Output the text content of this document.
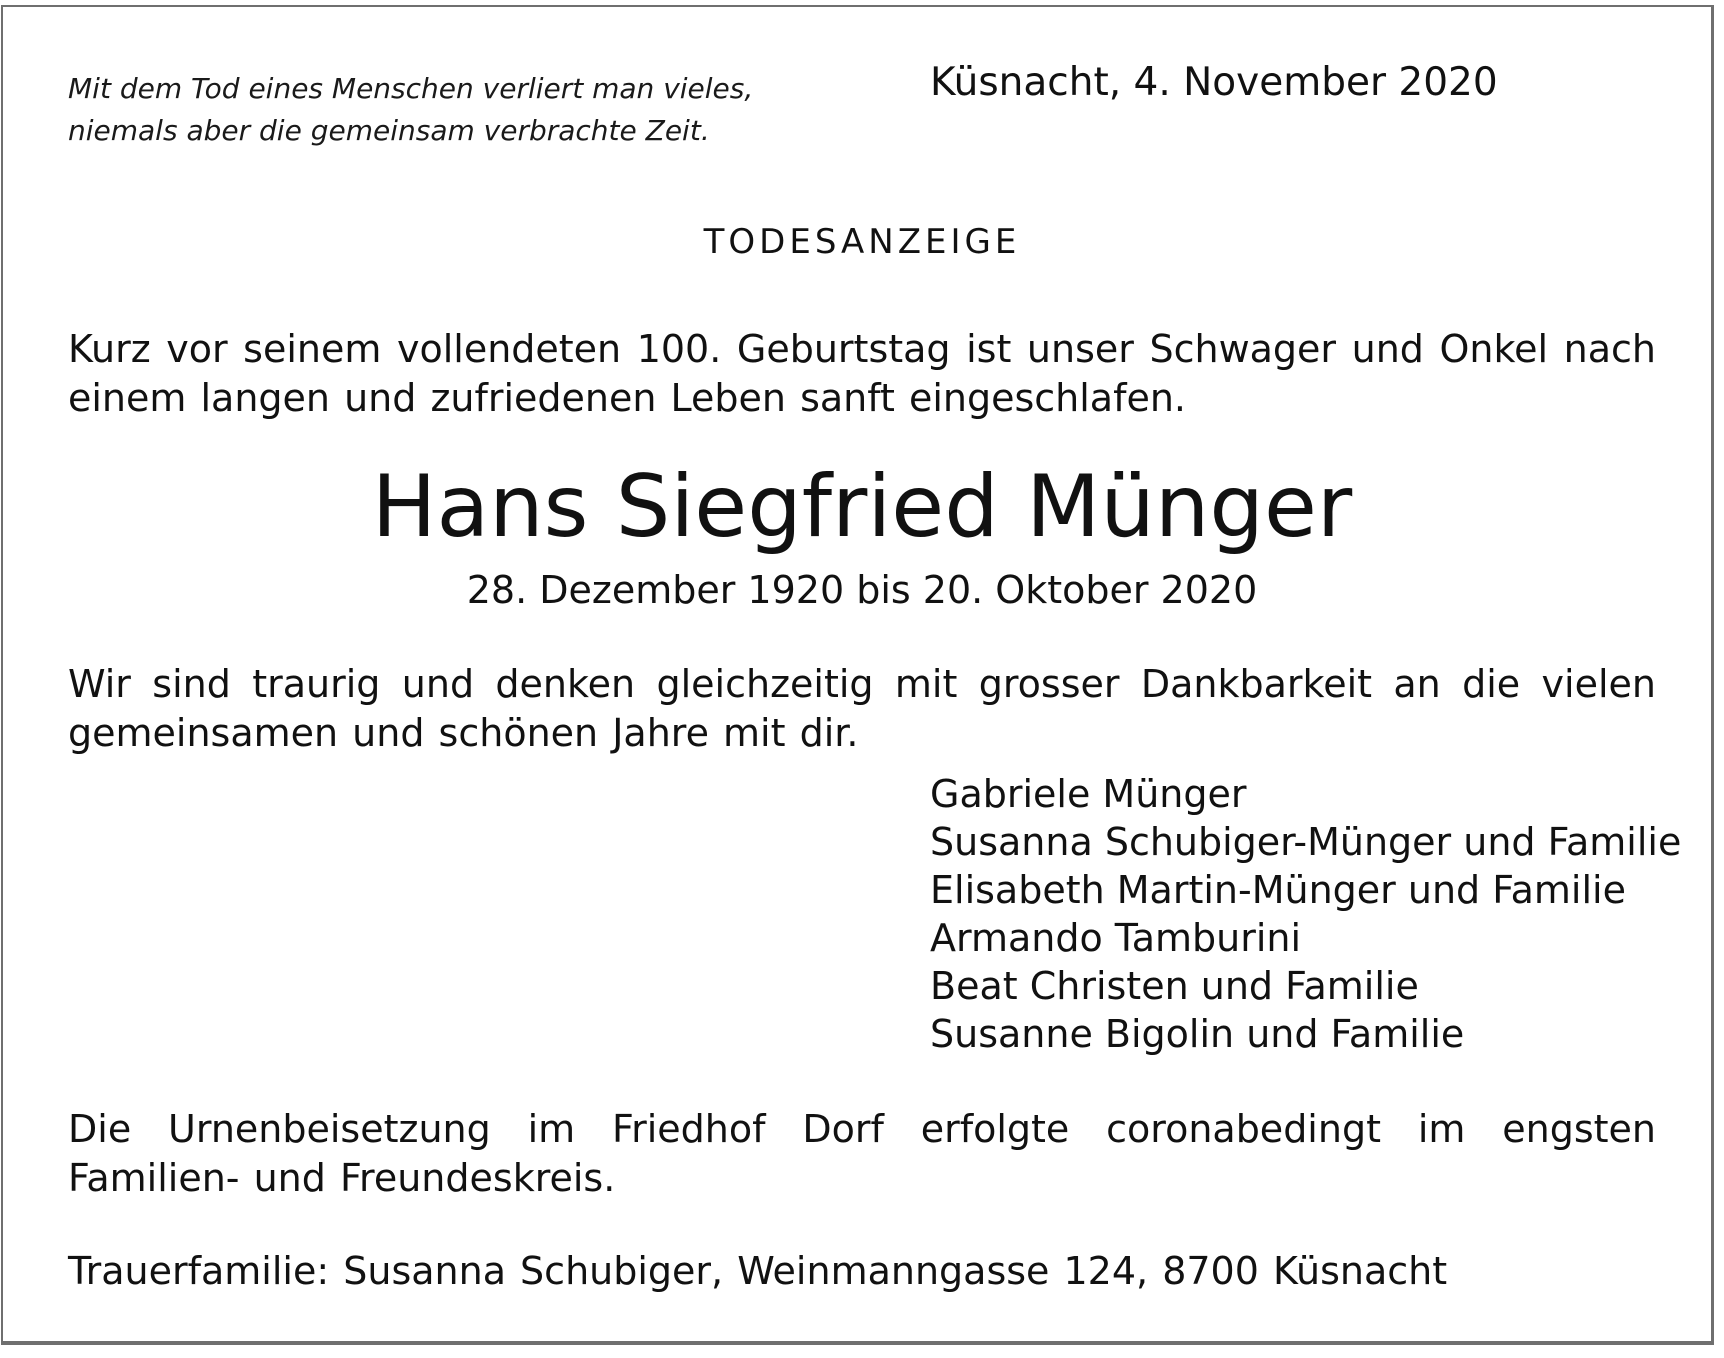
Mit dem Tod eines Menschen verliert man vieles,
niemals aber die gemeinsam verbrachte Zeit.
Küsnacht, 4. November 2020
TODESANZEIGE
Kurz vor seinem vollendeten 100. Geburtstag ist unser Schwager und Onkel nach einem langen und zufriedenen Leben sanft eingeschlafen.
Hans Siegfried Münger
28. Dezember 1920 bis 20. Oktober 2020
Wir sind traurig und denken gleichzeitig mit grosser Dankbarkeit an die vielen gemeinsamen und schönen Jahre mit dir.
Gabriele Münger
Susanna Schubiger-Münger und Familie
Elisabeth Martin-Münger und Familie
Armando Tamburini
Beat Christen und Familie
Susanne Bigolin und Familie
Die Urnenbeisetzung im Friedhof Dorf erfolgte coronabedingt im engsten Familien- und Freundeskreis.
Trauerfamilie: Susanna Schubiger, Weinmanngasse 124, 8700 Küsnacht
